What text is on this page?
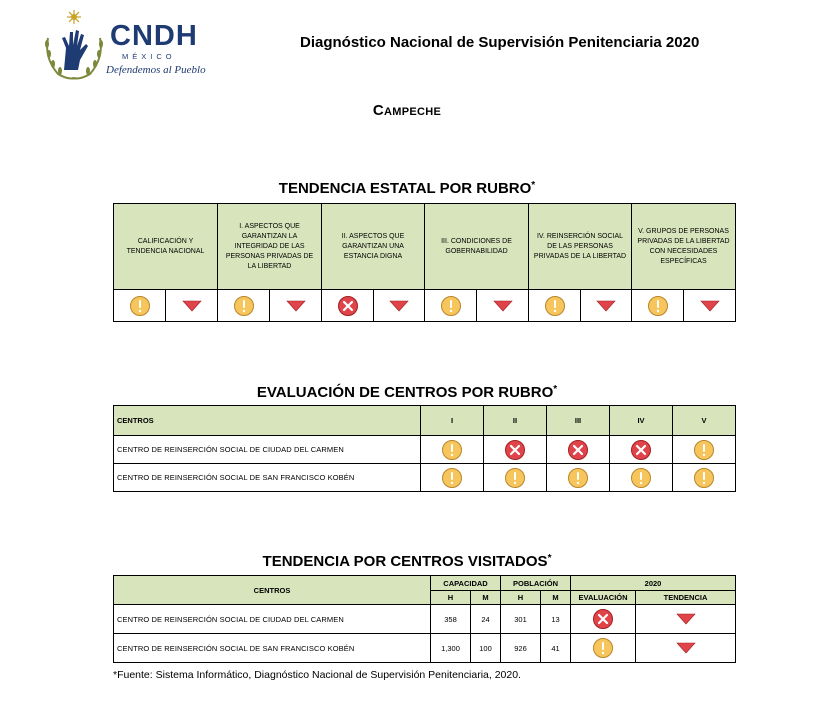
CNDH
MÉXICO
Defendemos al Pueblo
Diagnóstico Nacional de Supervisión Penitenciaria 2020
Campeche
TENDENCIA ESTATAL POR RUBRO*
CALIFICACIÓN Y TENDENCIA NACIONAL		I. ASPECTOS QUE GARANTIZAN LA INTEGRIDAD DE LAS PERSONAS PRIVADAS DE LA LIBERTAD		II. ASPECTOS QUE GARANTIZAN UNA ESTANCIA DIGNA		III. CONDICIONES DE GOBERNABILIDAD		IV. REINSERCIÓN SOCIAL DE LAS PERSONAS PRIVADAS DE LA LIBERTAD		V. GRUPOS DE PERSONAS PRIVADAS DE LA LIBERTAD CON NECESIDADES ESPECÍFICAS	

EVALUACIÓN DE CENTROS POR RUBRO*
CENTROS	I	II	III	IV	V
CENTRO DE REINSERCIÓN SOCIAL DE CIUDAD DEL CARMEN	

CENTRO DE REINSERCIÓN SOCIAL DE SAN FRANCISCO KOBÉN	

TENDENCIA POR CENTROS VISITADOS*
CENTROS	CAPACIDAD		POBLACIÓN		2020	
	H	M	H	M	EVALUACIÓN	TENDENCIA
CENTRO DE REINSERCIÓN SOCIAL DE CIUDAD DEL CARMEN	358	24	301	13	

CENTRO DE REINSERCIÓN SOCIAL DE SAN FRANCISCO KOBÉN	1,300	100	926	41	

*Fuente: Sistema Informático, Diagnóstico Nacional de Supervisión Penitenciaria, 2020.
